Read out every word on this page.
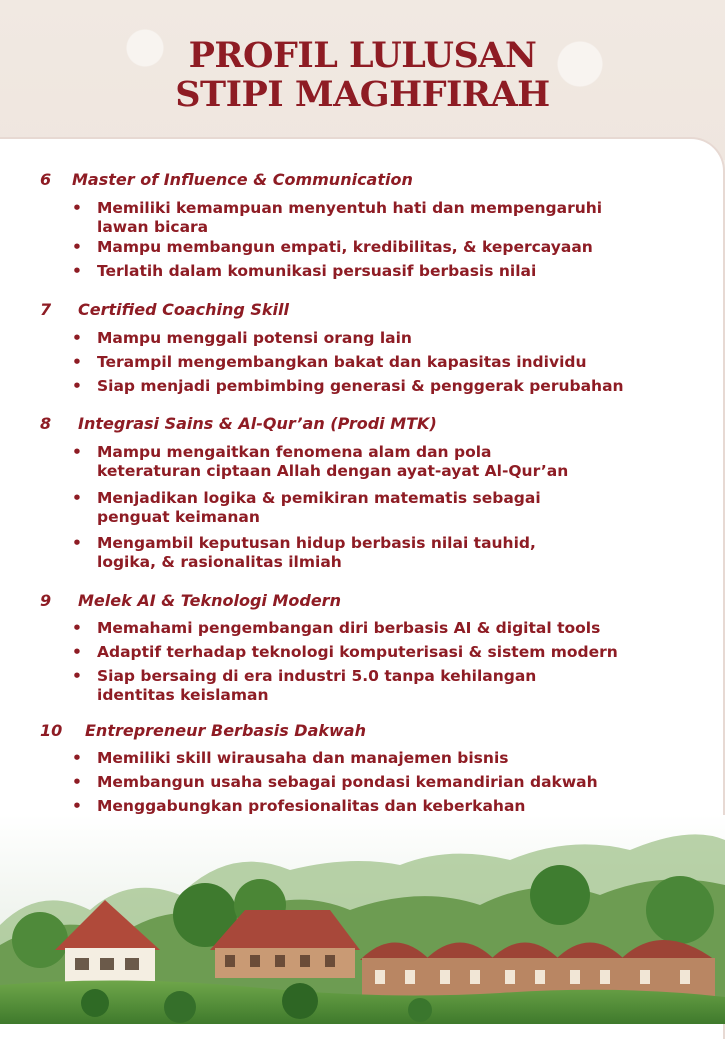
PROFIL LULUSAN
STIPI MAGHFIRAH
6 Master of Influence & Communication
• Memiliki kemampuan menyentuh hati dan mempengaruhi lawan bicara
• Mampu membangun empati, kredibilitas, & kepercayaan
• Terlatih dalam komunikasi persuasif berbasis nilai
7 Certified Coaching Skill
• Mampu menggali potensi orang lain
• Terampil mengembangkan bakat dan kapasitas individu
• Siap menjadi pembimbing generasi & penggerak perubahan
8 Integrasi Sains & Al-Qur’an (Prodi MTK)
• Mampu mengaitkan fenomena alam dan pola keteraturan ciptaan Allah dengan ayat-ayat Al-Qur’an
• Menjadikan logika & pemikiran matematis sebagai penguat keimanan
• Mengambil keputusan hidup berbasis nilai tauhid, logika, & rasionalitas ilmiah
9 Melek AI & Teknologi Modern
• Memahami pengembangan diri berbasis AI & digital tools
• Adaptif terhadap teknologi komputerisasi & sistem modern
• Siap bersaing di era industri 5.0 tanpa kehilangan identitas keislaman
10 Entrepreneur Berbasis Dakwah
• Memiliki skill wirausaha dan manajemen bisnis
• Membangun usaha sebagai pondasi kemandirian dakwah
• Menggabungkan profesionalitas dan keberkahan
